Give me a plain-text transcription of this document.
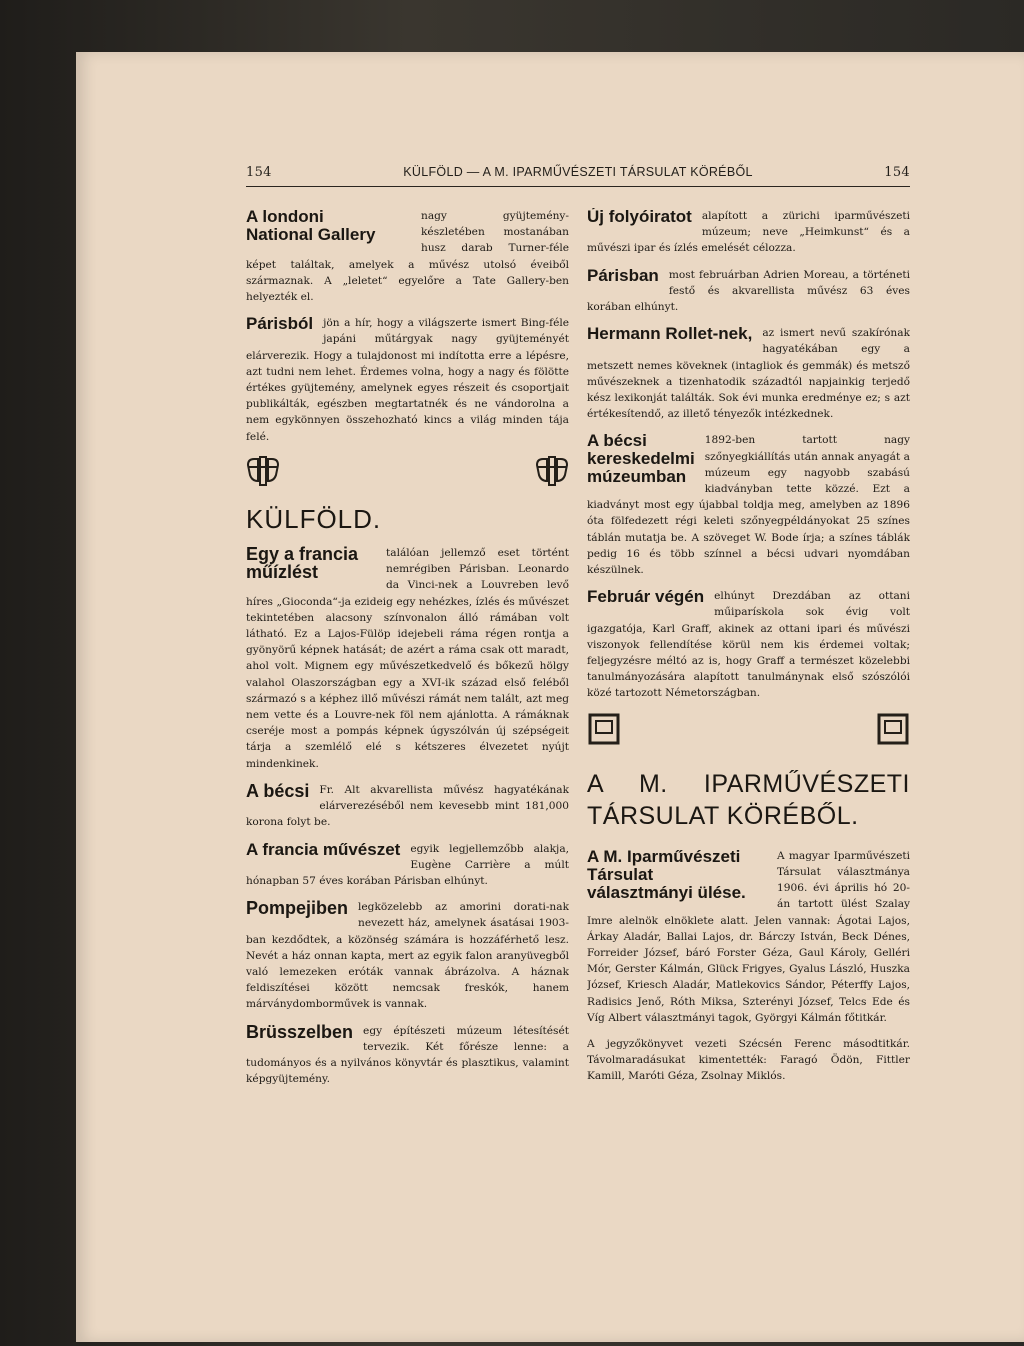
154	KÜLFÖLD — A M. IPARMŰVÉSZETI TÁRSULAT KÖRÉBŐL	154
A londoni
National Gallery
nagy gyüjtemény-készletében mostanában husz darab Turner-féle képet találtak, amelyek a művész utolsó éveiből származnak. A „leletet“ egyelőre a Tate Gallery-ben helyezték el.
Párisból jön a hír, hogy a világszerte ismert Bing-féle japáni műtárgyak nagy gyüjteményét elárverezik. Hogy a tulajdonost mi indította erre a lépésre, azt tudni nem lehet. Érdemes volna, hogy a nagy és fölötte értékes gyüjtemény, amelynek egyes részeit és csoportjait publikálták, egészben megtartatnék és ne vándorolna a nem egykönnyen összehozható kincs a világ minden tája felé.
KÜLFÖLD.
Egy a francia
műízlést
találóan jellemző eset történt nemrégiben Párisban. Leonardo da Vinci-nek a Louvreben levő híres „Gioconda“-ja ezideig egy nehézkes, ízlés és művészet tekintetében alacsony színvonalon álló rámában volt látható. Ez a Lajos-Fülöp idejebeli ráma régen rontja a gyönyörű képnek hatását; de azért a ráma csak ott maradt, ahol volt. Mignem egy művészetkedvelő és bőkezű hölgy valahol Olaszországban egy a XVI-ik század első feléből származó s a képhez illő művészi rámát nem talált, azt meg nem vette és a Louvre-nek föl nem ajánlotta. A rámáknak cseréje most a pompás képnek úgyszólván új szépségeit tárja a szemlélő elé s kétszeres élvezetet nyújt mindenkinek.
A bécsi Fr. Alt akvarellista művész hagyatékának elárverezéséből nem kevesebb mint 181,000 korona folyt be.
A francia művészet egyik legjellemzőbb alakja, Eugène Carrière a múlt hónapban 57 éves korában Párisban elhúnyt.
Pompejiben legközelebb az amorini dorati-nak nevezett ház, amelynek ásatásai 1903-ban kezdődtek, a közönség számára is hozzáférhető lesz. Nevét a ház onnan kapta, mert az egyik falon aranyüvegből való lemezeken eróták vannak ábrázolva. A háznak feldiszítései között nemcsak freskók, hanem márványdomborművek is vannak.
Brüsszelben egy építészeti múzeum létesítését tervezik. Két főrésze lenne: a tudományos és a nyilvános könyvtár és plasztikus, valamint képgyüjtemény.
Új folyóiratot alapított a zürichi iparművészeti múzeum; neve „Heimkunst“ és a művészi ipar és ízlés emelését célozza.
Párisban most februárban Adrien Moreau, a történeti festő és akvarellista művész 63 éves korában elhúnyt.
Hermann Rollet-nek, az ismert nevű szakírónak hagyatékában egy a metszett nemes köveknek (intagliok és gemmák) és metsző művészeknek a tizenhatodik századtól napjainkig terjedő kész lexikonját találták. Sok évi munka eredménye ez; s azt értékesítendő, az illető tényezők intézkednek.
A bécsi
kereskedelmi
múzeumban
1892-ben tartott nagy szőnyegkiállítás után annak anyagát a múzeum egy nagyobb szabású kiadványban tette közzé. Ezt a kiadványt most egy újabbal toldja meg, amelyben az 1896 óta fölfedezett régi keleti szőnyegpéldányokat 25 színes táblán mutatja be. A szöveget W. Bode írja; a színes táblák pedig 16 és több színnel a bécsi udvari nyomdában készülnek.
Február végén elhúnyt Drezdában az ottani műiparískola sok évig volt igazgatója, Karl Graff, akinek az ottani ipari és művészi viszonyok fellendítése körül nem kis érdemei voltak; feljegyzésre méltó az is, hogy Graff a természet közelebbi tanulmányozására alapított tanulmánynak első szószólói közé tartozott Németországban.
A M. IPARMŰVÉSZETI TÁRSULAT KÖRÉBŐL.
A M. Iparművészeti
Társulat
választmányi ülése.
A magyar Iparművészeti Társulat választmánya 1906. évi április hó 20-án tartott ülést Szalay Imre alelnök elnöklete alatt. Jelen vannak: Ágotai Lajos, Árkay Aladár, Ballai Lajos, dr. Bárczy István, Beck Dénes, Forreider József, báró Forster Géza, Gaul Károly, Gelléri Mór, Gerster Kálmán, Glück Frigyes, Gyalus László, Huszka József, Kriesch Aladár, Matlekovics Sándor, Péterffy Lajos, Radisics Jenő, Róth Miksa, Szterényi József, Telcs Ede és Víg Albert választmányi tagok, Györgyi Kálmán főtitkár.
A jegyzőkönyvet vezeti Szécsén Ferenc másodtitkár. Távolmaradásukat kimentették: Faragó Ödön, Fittler Kamill, Maróti Géza, Zsolnay Miklós.
